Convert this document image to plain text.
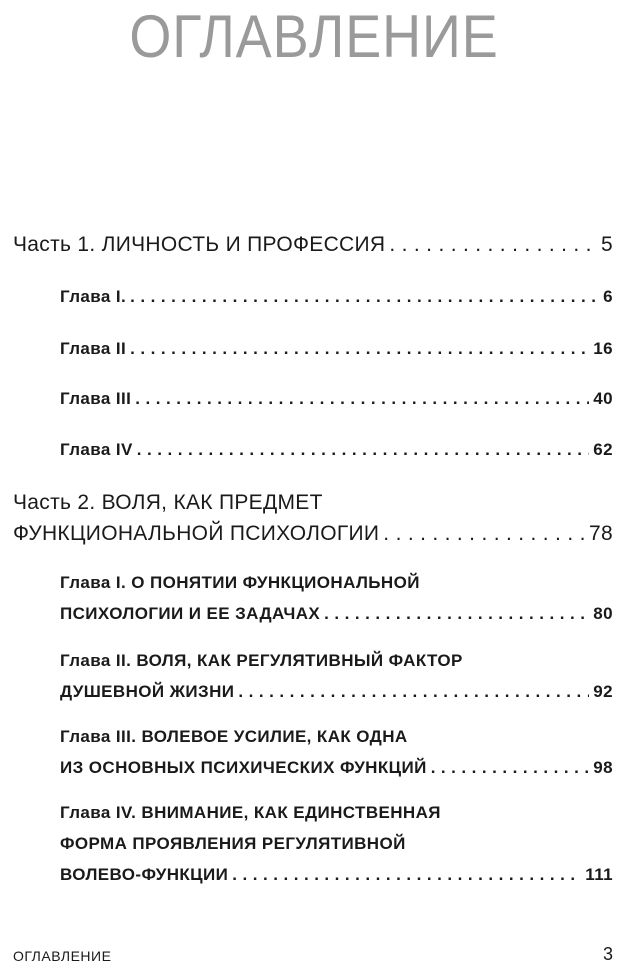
ОГЛАВЛЕНИЕ
Часть 1. ЛИЧНОСТЬ И ПРОФЕССИЯ . . .	5
Глава I. . . .	6
Глава II . . .	16
Глава III . . .	40
Глава IV . . .	62
Часть 2. ВОЛЯ, КАК ПРЕДМЕТ
ФУНКЦИОНАЛЬНОЙ ПСИХОЛОГИИ . . .	78
Глава I. О ПОНЯТИИ ФУНКЦИОНАЛЬНОЙ
ПСИХОЛОГИИ И ЕЕ ЗАДАЧАХ . . .	80
Глава II. ВОЛЯ, КАК РЕГУЛЯТИВНЫЙ ФАКТОР
ДУШЕВНОЙ ЖИЗНИ . . .	92
Глава III. ВОЛЕВОЕ УСИЛИЕ, КАК ОДНА
ИЗ ОСНОВНЫХ ПСИХИЧЕСКИХ ФУНКЦИЙ . . .	98
Глава IV. ВНИМАНИЕ, КАК ЕДИНСТВЕННАЯ
ФОРМА ПРОЯВЛЕНИЯ РЕГУЛЯТИВНОЙ
ВОЛЕВО-ФУНКЦИИ . . .	111
ОГЛАВЛЕНИЕ	3
